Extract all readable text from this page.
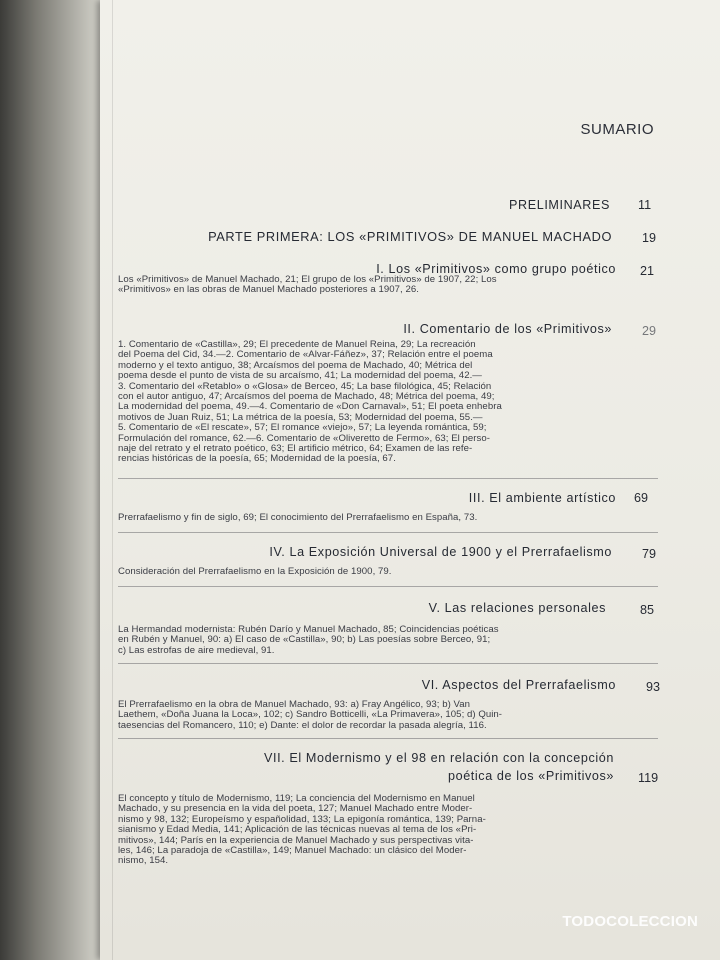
SUMARIO
PRELIMINARES 11
PARTE PRIMERA: LOS «PRIMITIVOS» DE MANUEL MACHADO 19
I. Los «Primitivos» como grupo poético 21
Los «Primitivos» de Manuel Machado, 21; El grupo de los «Primitivos» de 1907, 22; Los
«Primitivos» en las obras de Manuel Machado posteriores a 1907, 26.
II. Comentario de los «Primitivos» 29
1. Comentario de «Castilla», 29; El precedente de Manuel Reina, 29; La recreación
del Poema del Cid, 34.—2. Comentario de «Alvar-Fáñez», 37; Relación entre el poema
moderno y el texto antiguo, 38; Arcaísmos del poema de Machado, 40; Métrica del
poema desde el punto de vista de su arcaísmo, 41; La modernidad del poema, 42.—
3. Comentario del «Retablo» o «Glosa» de Berceo, 45; La base filológica, 45; Relación
con el autor antiguo, 47; Arcaísmos del poema de Machado, 48; Métrica del poema, 49;
La modernidad del poema, 49.—4. Comentario de «Don Carnaval», 51; El poeta enhebra
motivos de Juan Ruiz, 51; La métrica de la poesía, 53; Modernidad del poema, 55.—
5. Comentario de «El rescate», 57; El romance «viejo», 57; La leyenda romántica, 59;
Formulación del romance, 62.—6. Comentario de «Oliveretto de Fermo», 63; El perso-
naje del retrato y el retrato poético, 63; El artificio métrico, 64; Examen de las refe-
rencias históricas de la poesía, 65; Modernidad de la poesía, 67.
III. El ambiente artístico 69
Prerrafaelismo y fin de siglo, 69; El conocimiento del Prerrafaelismo en España, 73.
IV. La Exposición Universal de 1900 y el Prerrafaelismo 79
Consideración del Prerrafaelismo en la Exposición de 1900, 79.
V. Las relaciones personales	85
La Hermandad modernista: Rubén Darío y Manuel Machado, 85; Coincidencias poéticas
en Rubén y Manuel, 90: a) El caso de «Castilla», 90; b) Las poesías sobre Berceo, 91;
c) Las estrofas de aire medieval, 91.
VI. Aspectos del Prerrafaelismo 93
El Prerrafaelismo en la obra de Manuel Machado, 93: a) Fray Angélico, 93; b) Van
Laethem, «Doña Juana la Loca», 102; c) Sandro Botticelli, «La Primavera», 105; d) Quin-
taesencias del Romancero, 110; e) Dante: el dolor de recordar la pasada alegría, 116.
VII. El Modernismo y el 98 en relación con la concepción
poética de los «Primitivos» 119
El concepto y título de Modernismo, 119; La conciencia del Modernismo en Manuel
Machado, y su presencia en la vida del poeta, 127; Manuel Machado entre Moder-
nismo y 98, 132; Europeísmo y españolidad, 133; La epigonía romántica, 139; Parna-
sianismo y Edad Media, 141; Aplicación de las técnicas nuevas al tema de los «Pri-
mitivos», 144; París en la experiencia de Manuel Machado y sus perspectivas vita-
les, 146; La paradoja de «Castilla», 149; Manuel Machado: un clásico del Moder-
nismo, 154.
TODOCOLECCION
